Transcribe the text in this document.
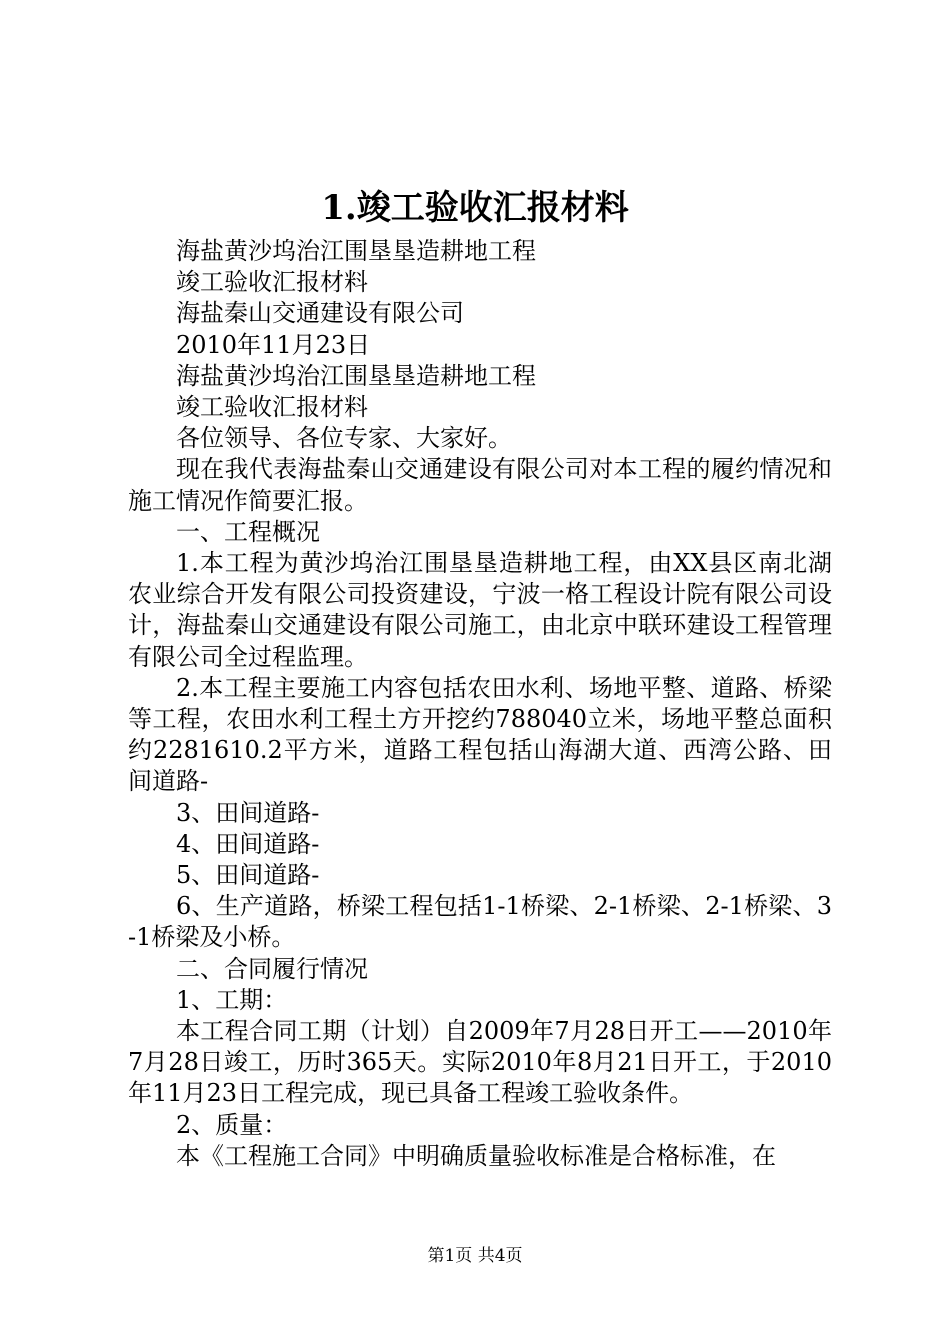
1.竣工验收汇报材料

海盐黄沙坞治江围垦垦造耕地工程

竣工验收汇报材料

海盐秦山交通建设有限公司

2010年11月23日

海盐黄沙坞治江围垦垦造耕地工程

竣工验收汇报材料

各位领导、各位专家、大家好。

现在我代表海盐秦山交通建设有限公司对本工程的履约情况和施工情况作简要汇报。

一、工程概况

1.本工程为黄沙坞治江围垦垦造耕地工程，由XX县区南北湖农业综合开发有限公司投资建设，宁波一格工程设计院有限公司设计，海盐秦山交通建设有限公司施工，由北京中联环建设工程管理有限公司全过程监理。

2.本工程主要施工内容包括农田水利、场地平整、道路、桥梁等工程，农田水利工程土方开挖约788040立米，场地平整总面积约2281610.2平方米，道路工程包括山海湖大道、西湾公路、田间道路-

3、田间道路-

4、田间道路-

5、田间道路-

6、生产道路，桥梁工程包括1-1桥梁、2-1桥梁、2-1桥梁、3-1桥梁及小桥。

二、合同履行情况

1、工期：

本工程合同工期（计划）自2009年7月28日开工——2010年7月28日竣工，历时365天。实际2010年8月21日开工，于2010年11月23日工程完成，现已具备工程竣工验收条件。

2、质量：

本《工程施工合同》中明确质量验收标准是合格标准，在

第1页 共4页
